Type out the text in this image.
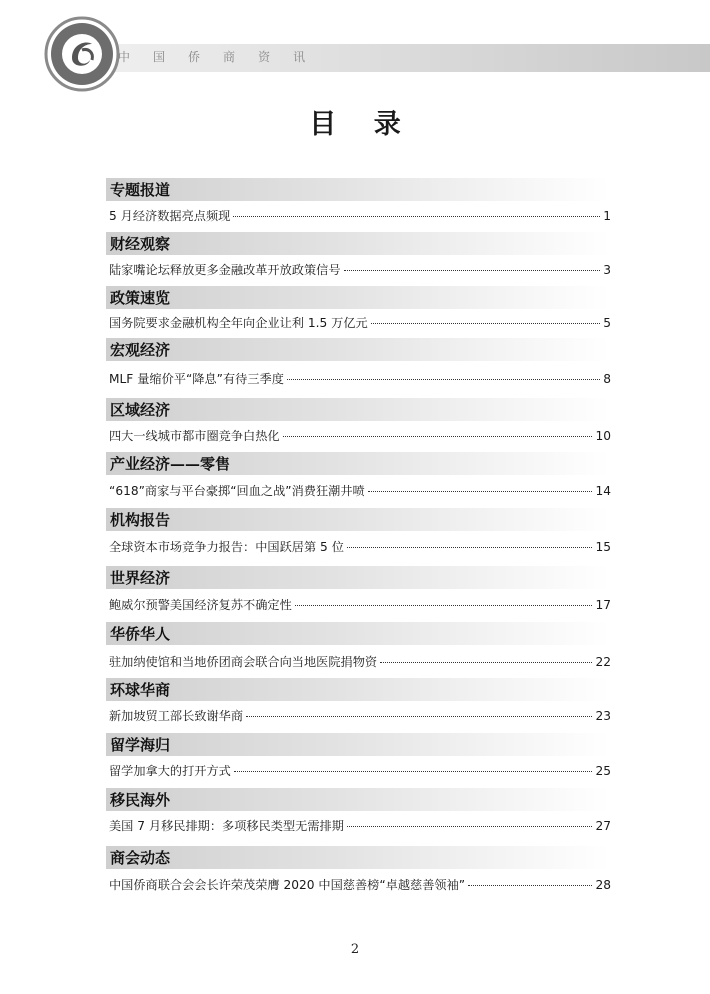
中 国 侨 商 资 讯
目 录
专题报道
5 月经济数据亮点频现	1
财经观察
陆家嘴论坛释放更多金融改革开放政策信号	3
政策速览
国务院要求金融机构全年向企业让利 1.5 万亿元	5
宏观经济
MLF 量缩价平“降息”有待三季度	8
区域经济
四大一线城市都市圈竞争白热化	10
产业经济——零售
“618”商家与平台豪掷“回血之战”消费狂潮井喷	14
机构报告
全球资本市场竞争力报告：中国跃居第 5 位	15
世界经济
鲍威尔预警美国经济复苏不确定性	17
华侨华人
驻加纳使馆和当地侨团商会联合向当地医院捐物资	22
环球华商
新加坡贸工部长致谢华商	23
留学海归
留学加拿大的打开方式	25
移民海外
美国 7 月移民排期：多项移民类型无需排期	27
商会动态
中国侨商联合会会长许荣茂荣膺 2020 中国慈善榜“卓越慈善领袖”	28
2
